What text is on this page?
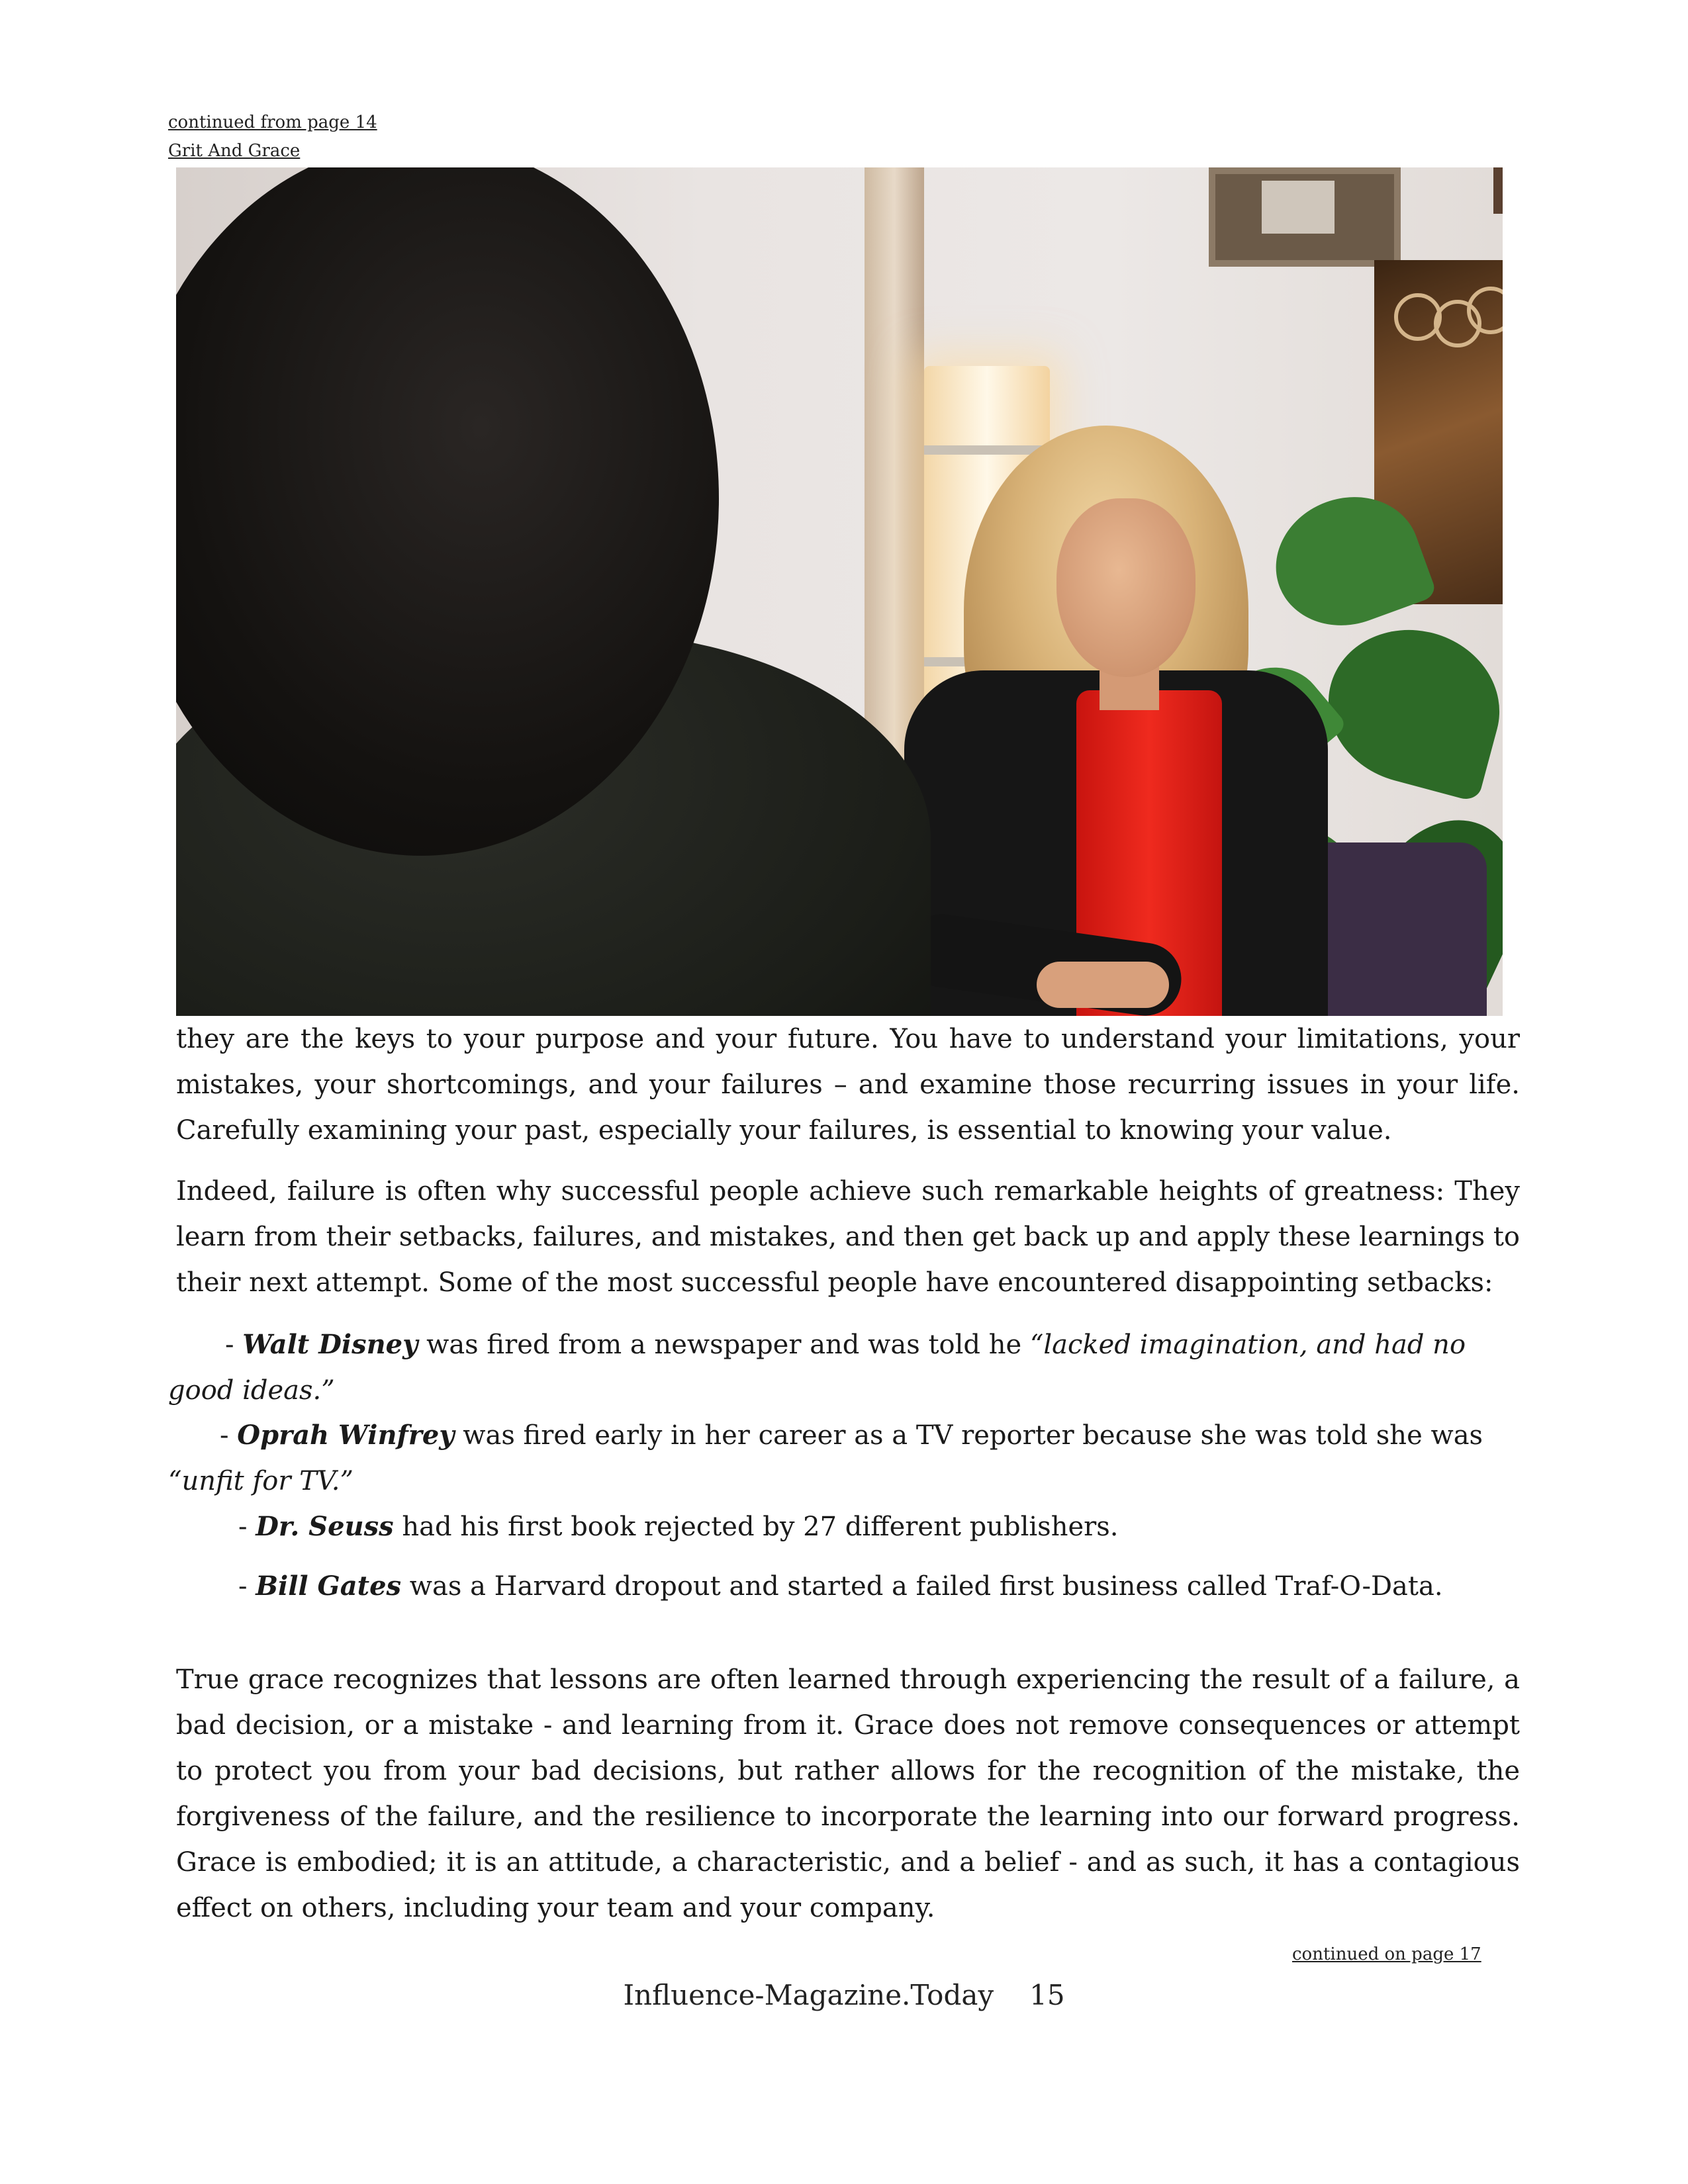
continued from page 14
Grit And Grace

they are the keys to your purpose and your future. You have to understand your limitations, your mistakes, your shortcomings, and your failures – and examine those recurring issues in your life. Carefully examining your past, especially your failures, is essential to knowing your value.

Indeed, failure is often why successful people achieve such remarkable heights of greatness: They learn from their setbacks, failures, and mistakes, and then get back up and apply these learnings to their next attempt. Some of the most successful people have encountered disappointing setbacks:

- Walt Disney was fired from a newspaper and was told he “lacked imagination, and had no good ideas.”

- Oprah Winfrey was fired early in her career as a TV reporter because she was told she was “unfit for TV.”

- Dr. Seuss had his first book rejected by 27 different publishers.

- Bill Gates was a Harvard dropout and started a failed first business called Traf-O-Data.

True grace recognizes that lessons are often learned through experiencing the result of a failure, a bad decision, or a mistake - and learning from it. Grace does not remove consequences or attempt to protect you from your bad decisions, but rather allows for the recognition of the mistake, the forgiveness of the failure, and the resilience to incorporate the learning into our forward progress. Grace is embodied; it is an attitude, a characteristic, and a belief - and as such, it has a contagious effect on others, including your team and your company.

continued on page 17
Influence-Magazine.Today 15
